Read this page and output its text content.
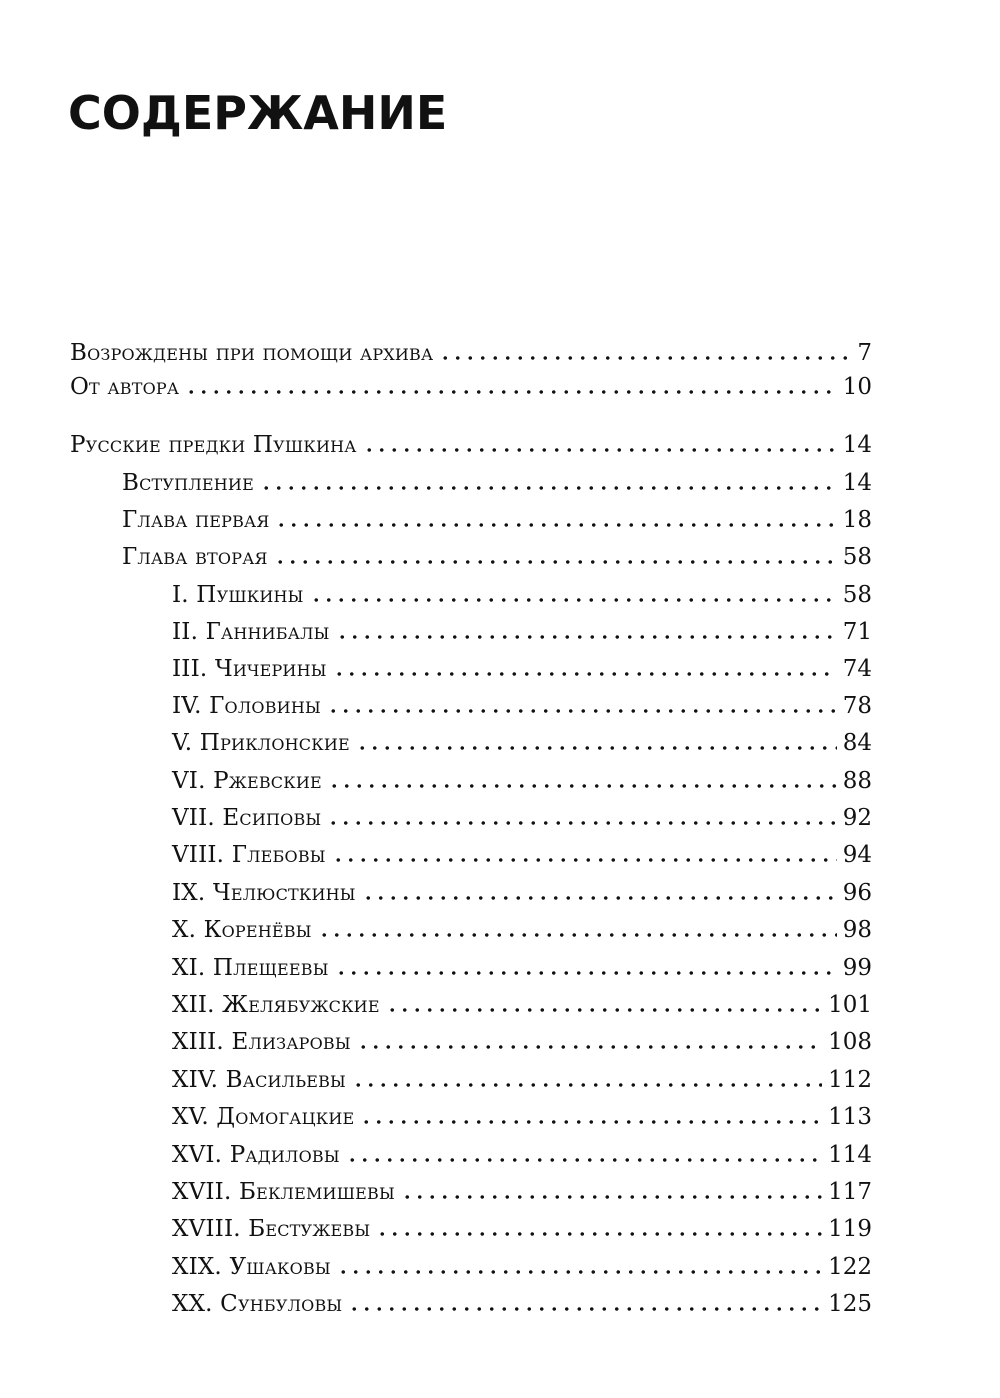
СОДЕРЖАНИЕ
Возрождены при помощи архива	7
От автора	10
Русские предки Пушкина	14
Вступление	14
Глава первая	18
Глава вторая	58
I. Пушкины	58
II. Ганнибалы	71
III. Чичерины	74
IV. Головины	78
V. Приклонские	84
VI. Ржевские	88
VII. Есиповы	92
VIII. Глебовы	94
IX. Челюсткины	96
X. Коренёвы	98
XI. Плещеевы	99
XII. Желябужские	101
XIII. Елизаровы	108
XIV. Васильевы	112
XV. Домогацкие	113
XVI. Радиловы	114
XVII. Беклемишевы	117
XVIII. Бестужевы	119
XIX. Ушаковы	122
XX. Сунбуловы	125
